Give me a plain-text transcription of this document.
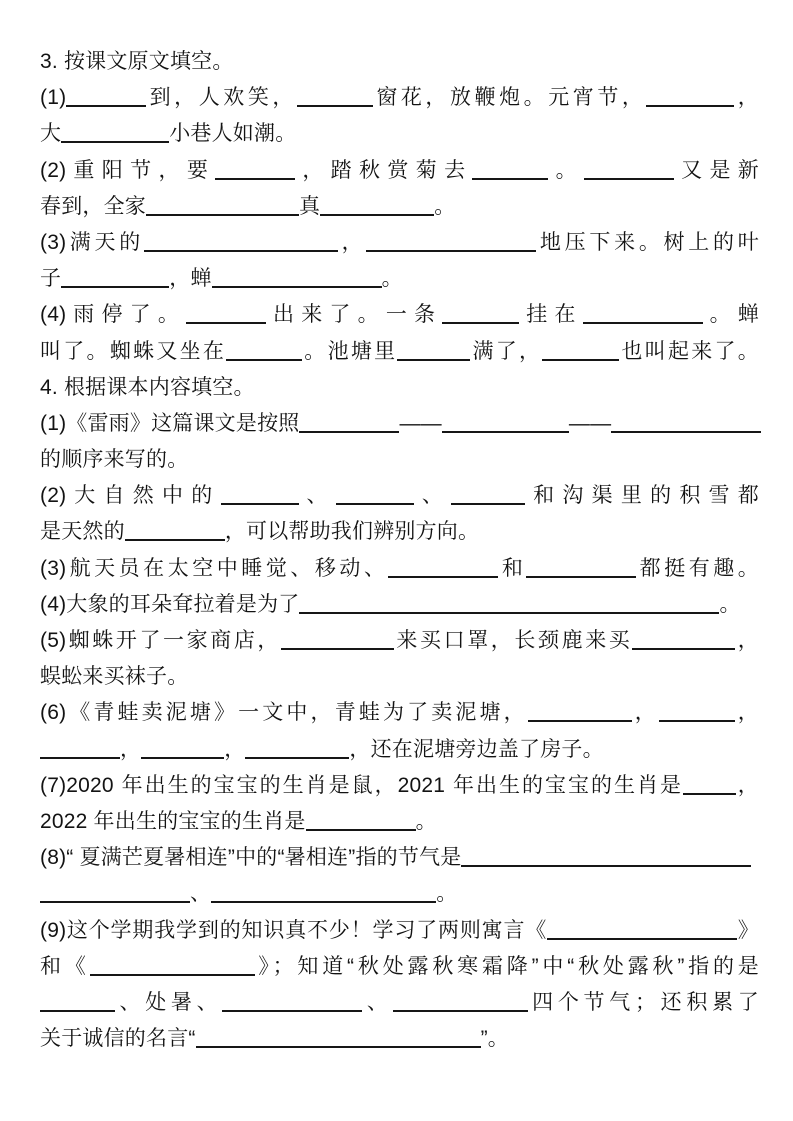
3. 按课文原文填空。
(1)	到，人欢笑，	窗花，放鞭炮。元宵节，	，
大	小巷人如潮。
(2)重阳节，要	，踏秋赏菊去	。	又是新
春到，全家	真	。
(3)满天的	，	地压下来。树上的叶
子	，蝉	。
(4)雨停了。	出来了。一条	挂在	。蝉
叫了。蜘蛛又坐在	。池塘里	满了，	也叫起来了。
4. 根据课本内容填空。
(1)《雷雨》这篇课文是按照	——	——
的顺序来写的。
(2)大自然中的	、	、	和沟渠里的积雪都
是天然的	，可以帮助我们辨别方向。
(3)航天员在太空中睡觉、移动、	和	都挺有趣。
(4)大象的耳朵耷拉着是为了	。
(5)蜘蛛开了一家商店，	来买口罩，长颈鹿来买	，
蜈蚣来买袜子。
(6)《青蛙卖泥塘》一文中，青蛙为了卖泥塘，	，	，
，	，	，还在泥塘旁边盖了房子。
(7)2020 年出生的宝宝的生肖是鼠，2021 年出生的宝宝的生肖是	，
2022 年出生的宝宝的生肖是	。
(8)“ 夏满芒夏暑相连”中的“暑相连”指的节气是
、	。
(9)这个学期我学到的知识真不少！学习了两则寓言《	》
和《	》；知道“秋处露秋寒霜降”中“秋处露秋”指的是
、处暑、	、	四个节气；还积累了
关于诚信的名言“	”。
